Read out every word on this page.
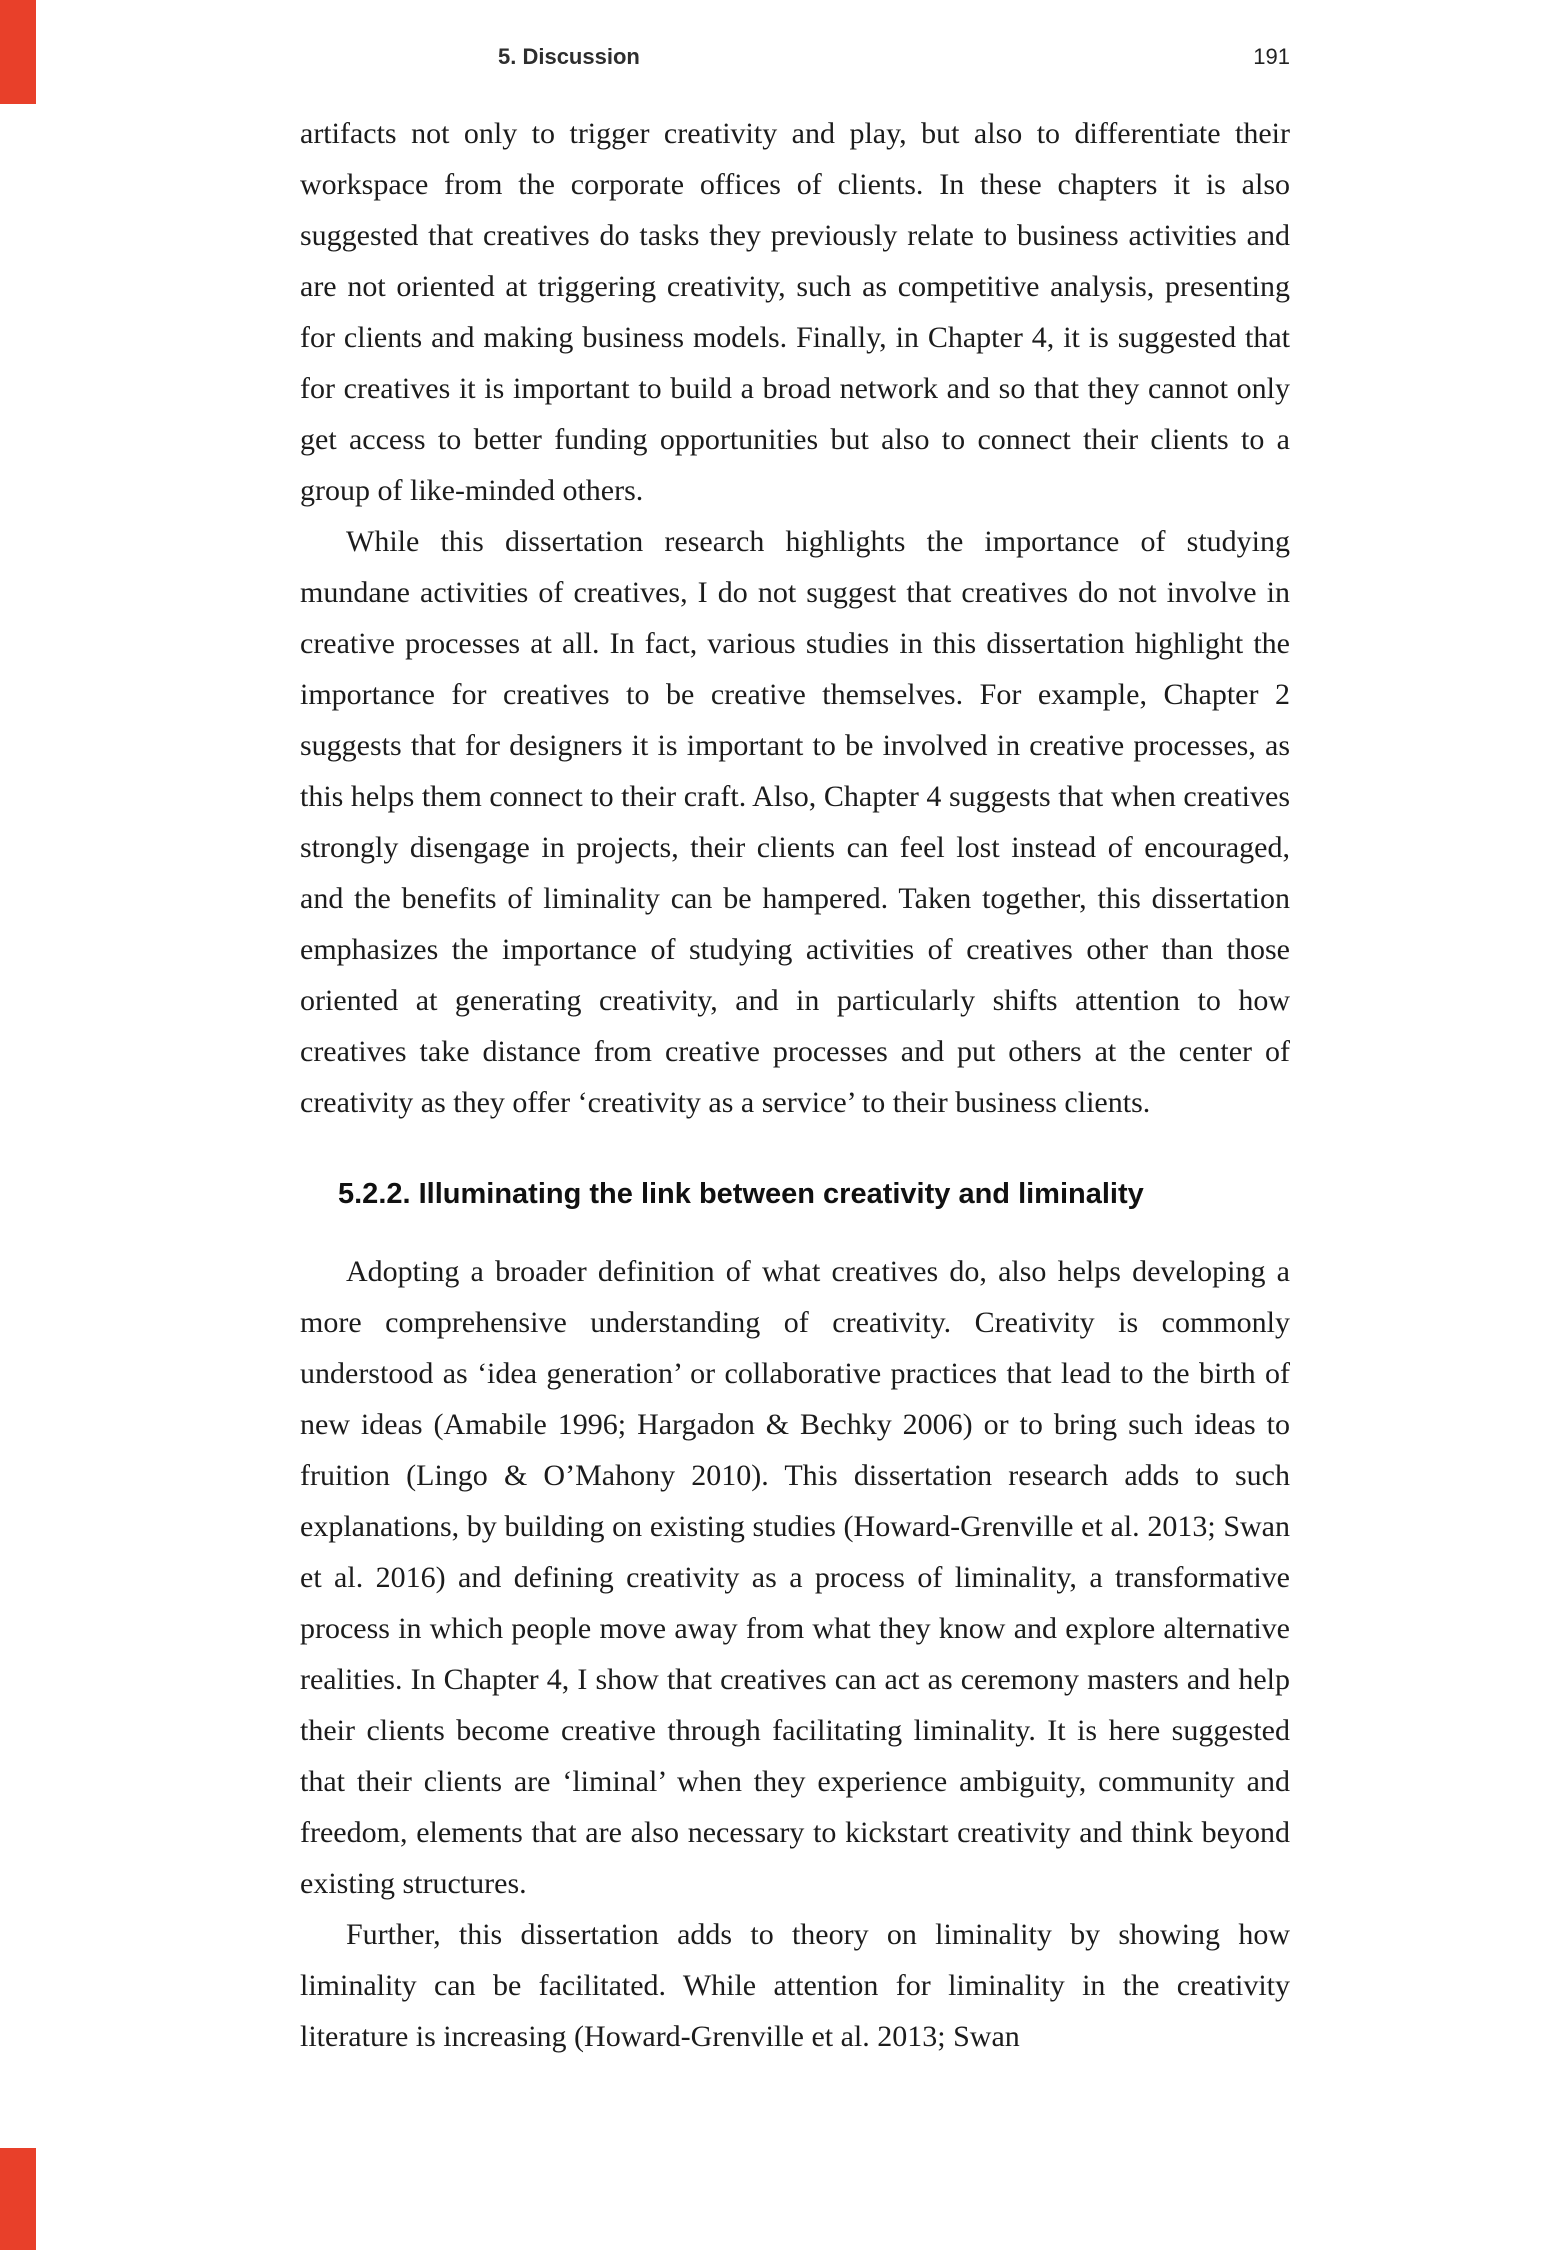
5. Discussion	191

artifacts not only to trigger creativity and play, but also to differentiate their workspace from the corporate offices of clients. In these chapters it is also suggested that creatives do tasks they previously relate to business activities and are not oriented at triggering creativity, such as competitive analysis, presenting for clients and making business models. Finally, in Chapter 4, it is suggested that for creatives it is important to build a broad network and so that they cannot only get access to better funding opportunities but also to connect their clients to a group of like-minded others.

While this dissertation research highlights the importance of studying mundane activities of creatives, I do not suggest that creatives do not involve in creative processes at all. In fact, various studies in this dissertation highlight the importance for creatives to be creative themselves. For example, Chapter 2 suggests that for designers it is important to be involved in creative processes, as this helps them connect to their craft. Also, Chapter 4 suggests that when creatives strongly disengage in projects, their clients can feel lost instead of encouraged, and the benefits of liminality can be hampered. Taken together, this dissertation emphasizes the importance of studying activities of creatives other than those oriented at generating creativity, and in particularly shifts attention to how creatives take distance from creative processes and put others at the center of creativity as they offer ‘creativity as a service’ to their business clients.

5.2.2. Illuminating the link between creativity and liminality

Adopting a broader definition of what creatives do, also helps developing a more comprehensive understanding of creativity. Creativity is commonly understood as ‘idea generation’ or collaborative practices that lead to the birth of new ideas (Amabile 1996; Hargadon & Bechky 2006) or to bring such ideas to fruition (Lingo & O’Mahony 2010). This dissertation research adds to such explanations, by building on existing studies (Howard-Grenville et al. 2013; Swan et al. 2016) and defining creativity as a process of liminality, a transformative process in which people move away from what they know and explore alternative realities. In Chapter 4, I show that creatives can act as ceremony masters and help their clients become creative through facilitating liminality. It is here suggested that their clients are ‘liminal’ when they experience ambiguity, community and freedom, elements that are also necessary to kickstart creativity and think beyond existing structures.

Further, this dissertation adds to theory on liminality by showing how liminality can be facilitated. While attention for liminality in the creativity literature is increasing (Howard-Grenville et al. 2013; Swan
